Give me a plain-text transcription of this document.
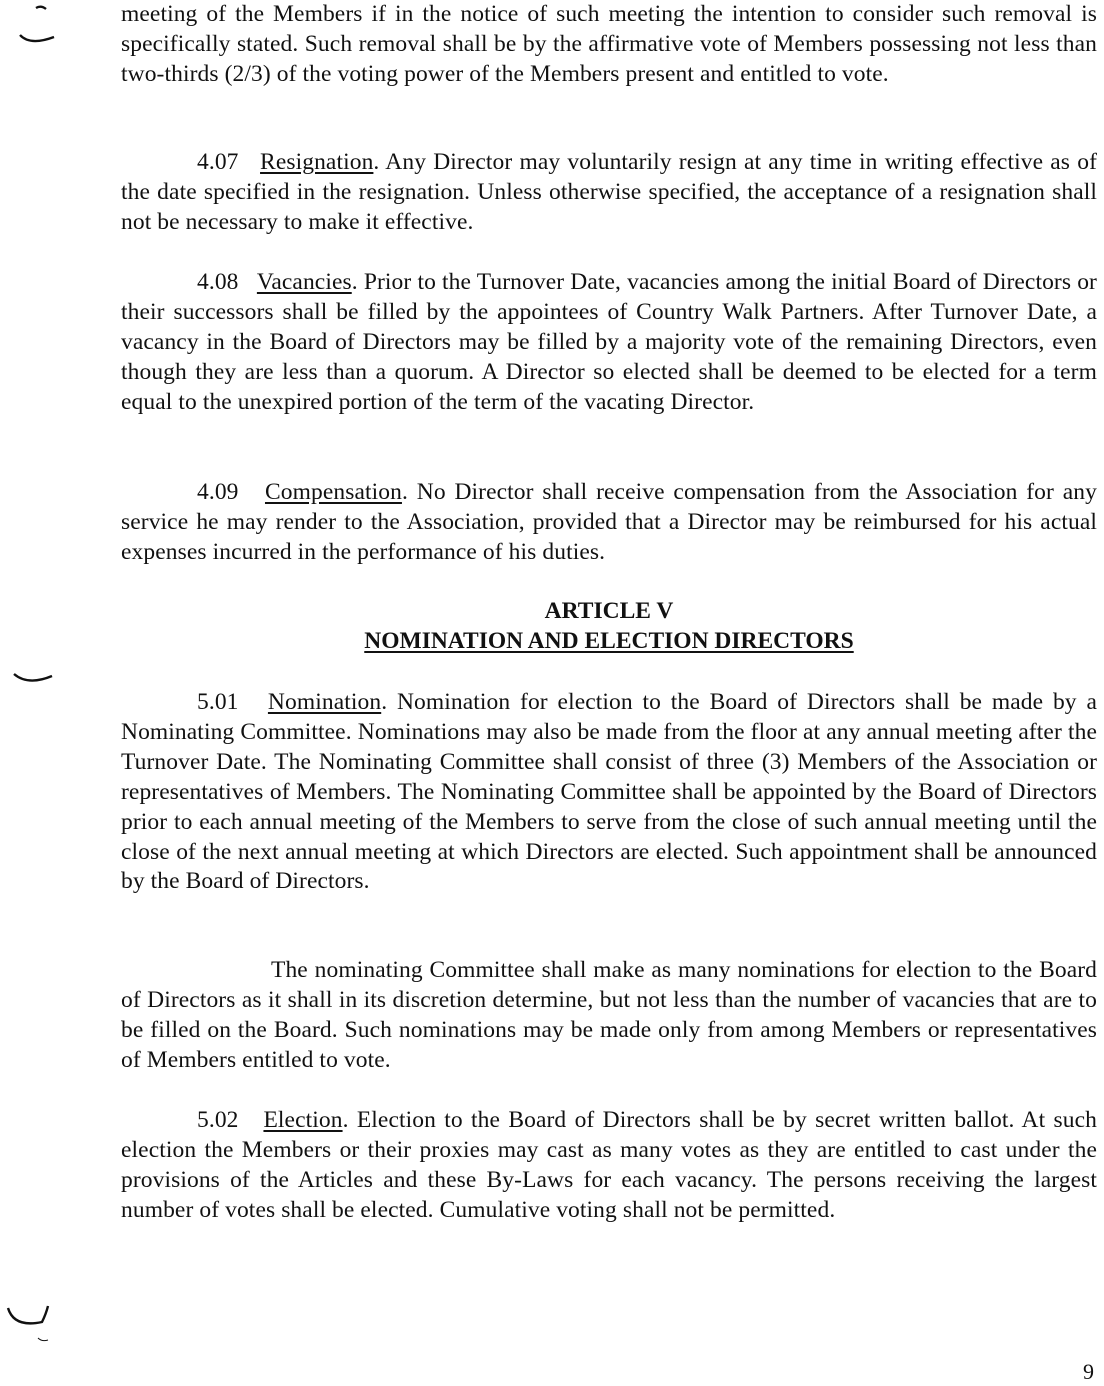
meeting of the Members if in the notice of such meeting the intention to consider such removal is specifically stated. Such removal shall be by the affirmative vote of Members possessing not less than two-thirds (2/3) of the voting power of the Members present and entitled to vote.

4.07 Resignation. Any Director may voluntarily resign at any time in writing effective as of the date specified in the resignation. Unless otherwise specified, the acceptance of a resignation shall not be necessary to make it effective.

4.08 Vacancies. Prior to the Turnover Date, vacancies among the initial Board of Directors or their successors shall be filled by the appointees of Country Walk Partners. After Turnover Date, a vacancy in the Board of Directors may be filled by a majority vote of the remaining Directors, even though they are less than a quorum. A Director so elected shall be deemed to be elected for a term equal to the unexpired portion of the term of the vacating Director.

4.09 Compensation. No Director shall receive compensation from the Association for any service he may render to the Association, provided that a Director may be reimbursed for his actual expenses incurred in the performance of his duties.

ARTICLE V

NOMINATION AND ELECTION DIRECTORS

5.01 Nomination. Nomination for election to the Board of Directors shall be made by a Nominating Committee. Nominations may also be made from the floor at any annual meeting after the Turnover Date. The Nominating Committee shall consist of three (3) Members of the Association or representatives of Members. The Nominating Committee shall be appointed by the Board of Directors prior to each annual meeting of the Members to serve from the close of such annual meeting until the close of the next annual meeting at which Directors are elected. Such appointment shall be announced by the Board of Directors.

The nominating Committee shall make as many nominations for election to the Board of Directors as it shall in its discretion determine, but not less than the number of vacancies that are to be filled on the Board. Such nominations may be made only from among Members or representatives of Members entitled to vote.

5.02 Election. Election to the Board of Directors shall be by secret written ballot. At such election the Members or their proxies may cast as many votes as they are entitled to cast under the provisions of the Articles and these By-Laws for each vacancy. The persons receiving the largest number of votes shall be elected. Cumulative voting shall not be permitted.

9
